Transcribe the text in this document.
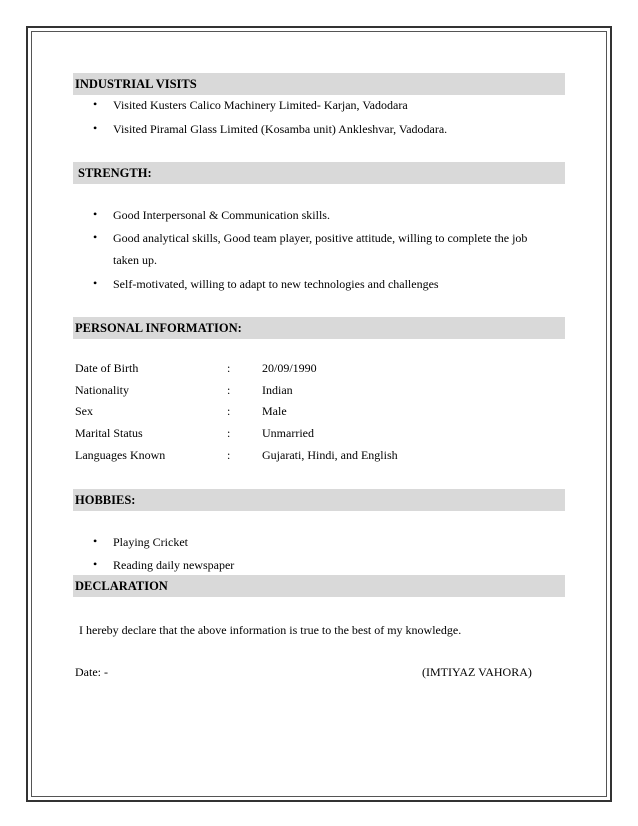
INDUSTRIAL VISITS
• Visited Kusters Calico Machinery Limited- Karjan, Vadodara
• Visited Piramal Glass Limited (Kosamba unit) Ankleshvar, Vadodara.
STRENGTH:
• Good Interpersonal & Communication skills.
• Good analytical skills, Good team player, positive attitude, willing to complete the job
taken up.
• Self-motivated, willing to adapt to new technologies and challenges
PERSONAL INFORMATION:
Date of Birth	:	20/09/1990
Nationality	:	Indian
Sex	:	Male
Marital Status	:	Unmarried
Languages Known	:	Gujarati, Hindi, and English
HOBBIES:
• Playing Cricket
• Reading daily newspaper
DECLARATION
I hereby declare that the above information is true to the best of my knowledge.
Date: -	(IMTIYAZ VAHORA)
